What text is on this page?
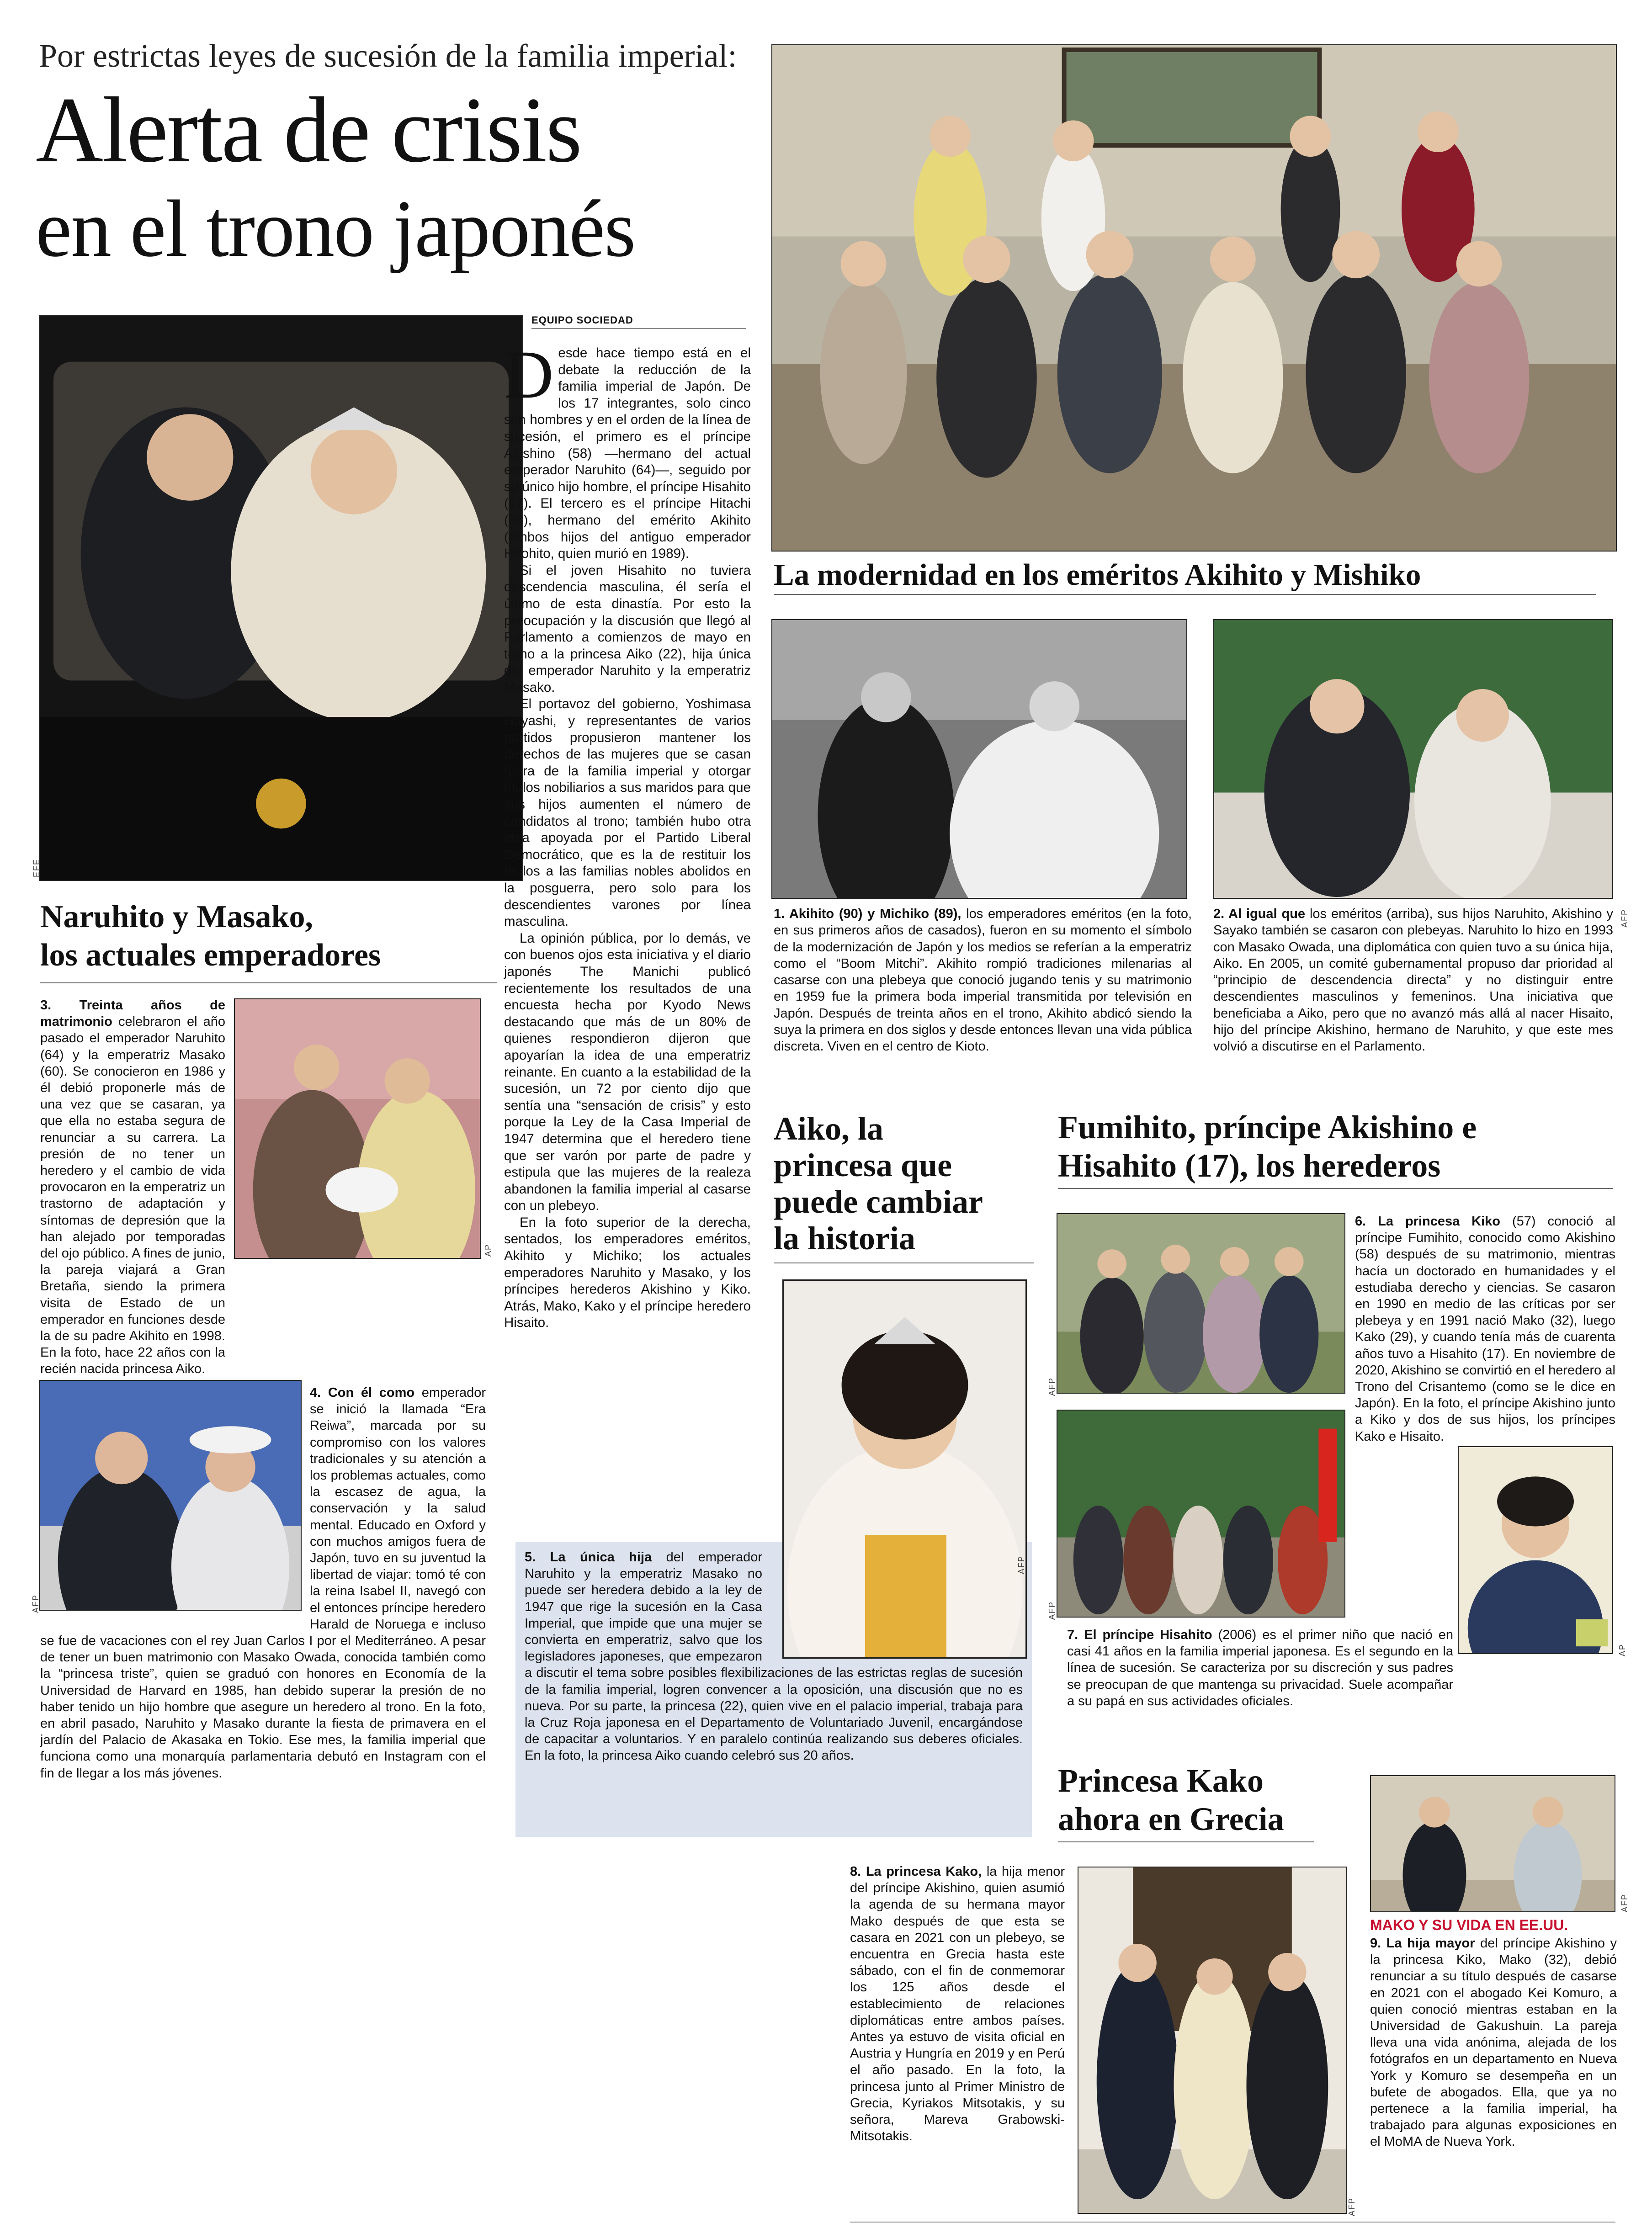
Por estrictas leyes de sucesión de la familia imperial:
Alerta de crisis
en el trono japonés
EFE
EQUIPO SOCIEDAD

Desde hace tiempo está en el debate la reducción de la familia imperial de Japón. De los 17 integrantes, solo cinco son hombres y en el orden de la línea de sucesión, el primero es el príncipe Akishino (58) —hermano del actual emperador Naruhito (64)—, seguido por su único hijo hombre, el príncipe Hisahito (17). El tercero es el príncipe Hitachi (88), hermano del emérito Akihito (ambos hijos del antiguo emperador Hirohito, quien murió en 1989).

Si el joven Hisahito no tuviera descendencia masculina, él sería el último de esta dinastía. Por esto la preocupación y la discusión que llegó al Parlamento a comienzos de mayo en torno a la princesa Aiko (22), hija única del emperador Naruhito y la emperatriz Masako.

El portavoz del gobierno, Yoshimasa Hayashi, y representantes de varios partidos propusieron mantener los derechos de las mujeres que se casan fuera de la familia imperial y otorgar títulos nobiliarios a sus maridos para que sus hijos aumenten el número de candidatos al trono; también hubo otra idea apoyada por el Partido Liberal Democrático, que es la de restituir los títulos a las familias nobles abolidos en la posguerra, pero solo para los descendientes varones por línea masculina.

La opinión pública, por lo demás, ve con buenos ojos esta iniciativa y el diario japonés The Manichi publicó recientemente los resultados de una encuesta hecha por Kyodo News destacando que más de un 80% de quienes respondieron dijeron que apoyarían la idea de una emperatriz reinante. En cuanto a la estabilidad de la sucesión, un 72 por ciento dijo que sentía una “sensación de crisis” y esto porque la Ley de la Casa Imperial de 1947 determina que el heredero tiene que ser varón por parte de padre y estipula que las mujeres de la realeza abandonen la familia imperial al casarse con un plebeyo.

En la foto superior de la derecha, sentados, los emperadores eméritos, Akihito y Michiko; los actuales emperadores Naruhito y Masako, y los príncipes herederos Akishino y Kiko. Atrás, Mako, Kako y el príncipe heredero Hisaito.

La modernidad en los eméritos Akihito y Mishiko
AFP

1. Akihito (90) y Michiko (89), los emperadores eméritos (en la foto, en sus primeros años de casados), fueron en su momento el símbolo de la modernización de Japón y los medios se referían a la emperatriz como el “Boom Mitchi”. Akihito rompió tradiciones milenarias al casarse con una plebeya que conoció jugando tenis y su matrimonio en 1959 fue la primera boda imperial transmitida por televisión en Japón. Después de treinta años en el trono, Akihito abdicó siendo la suya la primera en dos siglos y desde entonces llevan una vida pública discreta. Viven en el centro de Kioto.

2. Al igual que los eméritos (arriba), sus hijos Naruhito, Akishino y Sayako también se casaron con plebeyas. Naruhito lo hizo en 1993 con Masako Owada, una diplomática con quien tuvo a su única hija, Aiko. En 2005, un comité gubernamental propuso dar prioridad al “principio de descendencia directa” y no distinguir entre descendientes masculinos y femeninos. Una iniciativa que beneficiaba a Aiko, pero que no avanzó más allá al nacer Hisaito, hijo del príncipe Akishino, hermano de Naruhito, y que este mes volvió a discutirse en el Parlamento.

Naruhito y Masako,
los actuales emperadores
AP

3. Treinta años de matrimonio celebraron el año pasado el emperador Naruhito (64) y la emperatriz Masako (60). Se conocieron en 1986 y él debió proponerle más de una vez que se casaran, ya que ella no estaba segura de renunciar a su carrera. La presión de no tener un heredero y el cambio de vida provocaron en la emperatriz un trastorno de adaptación y síntomas de depresión que la han alejado por temporadas del ojo público. A fines de junio, la pareja viajará a Gran Bretaña, siendo la primera visita de Estado de un emperador en funciones desde la de su padre Akihito en 1998. En la foto, hace 22 años con la recién nacida princesa Aiko.

AFP

4. Con él como emperador se inició la llamada “Era Reiwa”, marcada por su compromiso con los valores tradicionales y su atención a los problemas actuales, como la escasez de agua, la conservación y la salud mental. Educado en Oxford y con muchos amigos fuera de Japón, tuvo en su juventud la libertad de viajar: tomó té con la reina Isabel II, navegó con el entonces príncipe heredero Harald de Noruega e incluso se fue de vacaciones con el rey Juan Carlos I por el Mediterráneo. A pesar de tener un buen matrimonio con Masako Owada, conocida también como la “princesa triste”, quien se graduó con honores en Economía de la Universidad de Harvard en 1985, han debido superar la presión de no haber tenido un hijo hombre que asegure un heredero al trono. En la foto, en abril pasado, Naruhito y Masako durante la fiesta de primavera en el jardín del Palacio de Akasaka en Tokio. Ese mes, la familia imperial que funciona como una monarquía parlamentaria debutó en Instagram con el fin de llegar a los más jóvenes.

Aiko, la
princesa que
puede cambiar
la historia
AFP

5. La única hija del emperador Naruhito y la emperatriz Masako no puede ser heredera debido a la ley de 1947 que rige la sucesión en la Casa Imperial, que impide que una mujer se convierta en emperatriz, salvo que los legisladores japoneses, que empezaron a discutir el tema sobre posibles flexibilizaciones de las estrictas reglas de sucesión de la familia imperial, logren convencer a la oposición, una discusión que no es nueva. Por su parte, la princesa (22), quien vive en el palacio imperial, trabaja para la Cruz Roja japonesa en el Departamento de Voluntariado Juvenil, encargándose de capacitar a voluntarios. Y en paralelo continúa realizando sus deberes oficiales. En la foto, la princesa Aiko cuando celebró sus 20 años.

Fumihito, príncipe Akishino e
Hisahito (17), los herederos
AFP
AFP

6. La princesa Kiko (57) conoció al príncipe Fumihito, conocido como Akishino (58) después de su matrimonio, mientras hacía un doctorado en humanidades y el estudiaba derecho y ciencias. Se casaron en 1990 en medio de las críticas por ser plebeya y en 1991 nació Mako (32), luego Kako (29), y cuando tenía más de cuarenta años tuvo a Hisahito (17). En noviembre de 2020, Akishino se convirtió en el heredero al Trono del Crisantemo (como se le dice en Japón). En la foto, el príncipe Akishino junto a Kiko y dos de sus hijos, los príncipes Kako e Hisaito.

AP

7. El príncipe Hisahito (2006) es el primer niño que nació en casi 41 años en la familia imperial japonesa. Es el segundo en la línea de sucesión. Se caracteriza por su discreción y sus padres se preocupan de que mantenga su privacidad. Suele acompañar a su papá en sus actividades oficiales.

Princesa Kako
ahora en Grecia
AFP

8. La princesa Kako, la hija menor del príncipe Akishino, quien asumió la agenda de su hermana mayor Mako después de que esta se casara en 2021 con un plebeyo, se encuentra en Grecia hasta este sábado, con el fin de conmemorar los 125 años desde el establecimiento de relaciones diplomáticas entre ambos países. Antes ya estuvo de visita oficial en Austria y Hungría en 2019 y en Perú el año pasado. En la foto, la princesa junto al Primer Ministro de Grecia, Kyriakos Mitsotakis, y su señora, Mareva Grabowski-Mitsotakis.

AFP
MAKO Y SU VIDA EN EE.UU.

9. La hija mayor del príncipe Akishino y la princesa Kiko, Mako (32), debió renunciar a su título después de casarse en 2021 con el abogado Kei Komuro, a quien conoció mientras estaban en la Universidad de Gakushuin. La pareja lleva una vida anónima, alejada de los fotógrafos en un departamento en Nueva York y Komuro se desempeña en un bufete de abogados. Ella, que ya no pertenece a la familia imperial, ha trabajado para algunas exposiciones en el MoMA de Nueva York.
